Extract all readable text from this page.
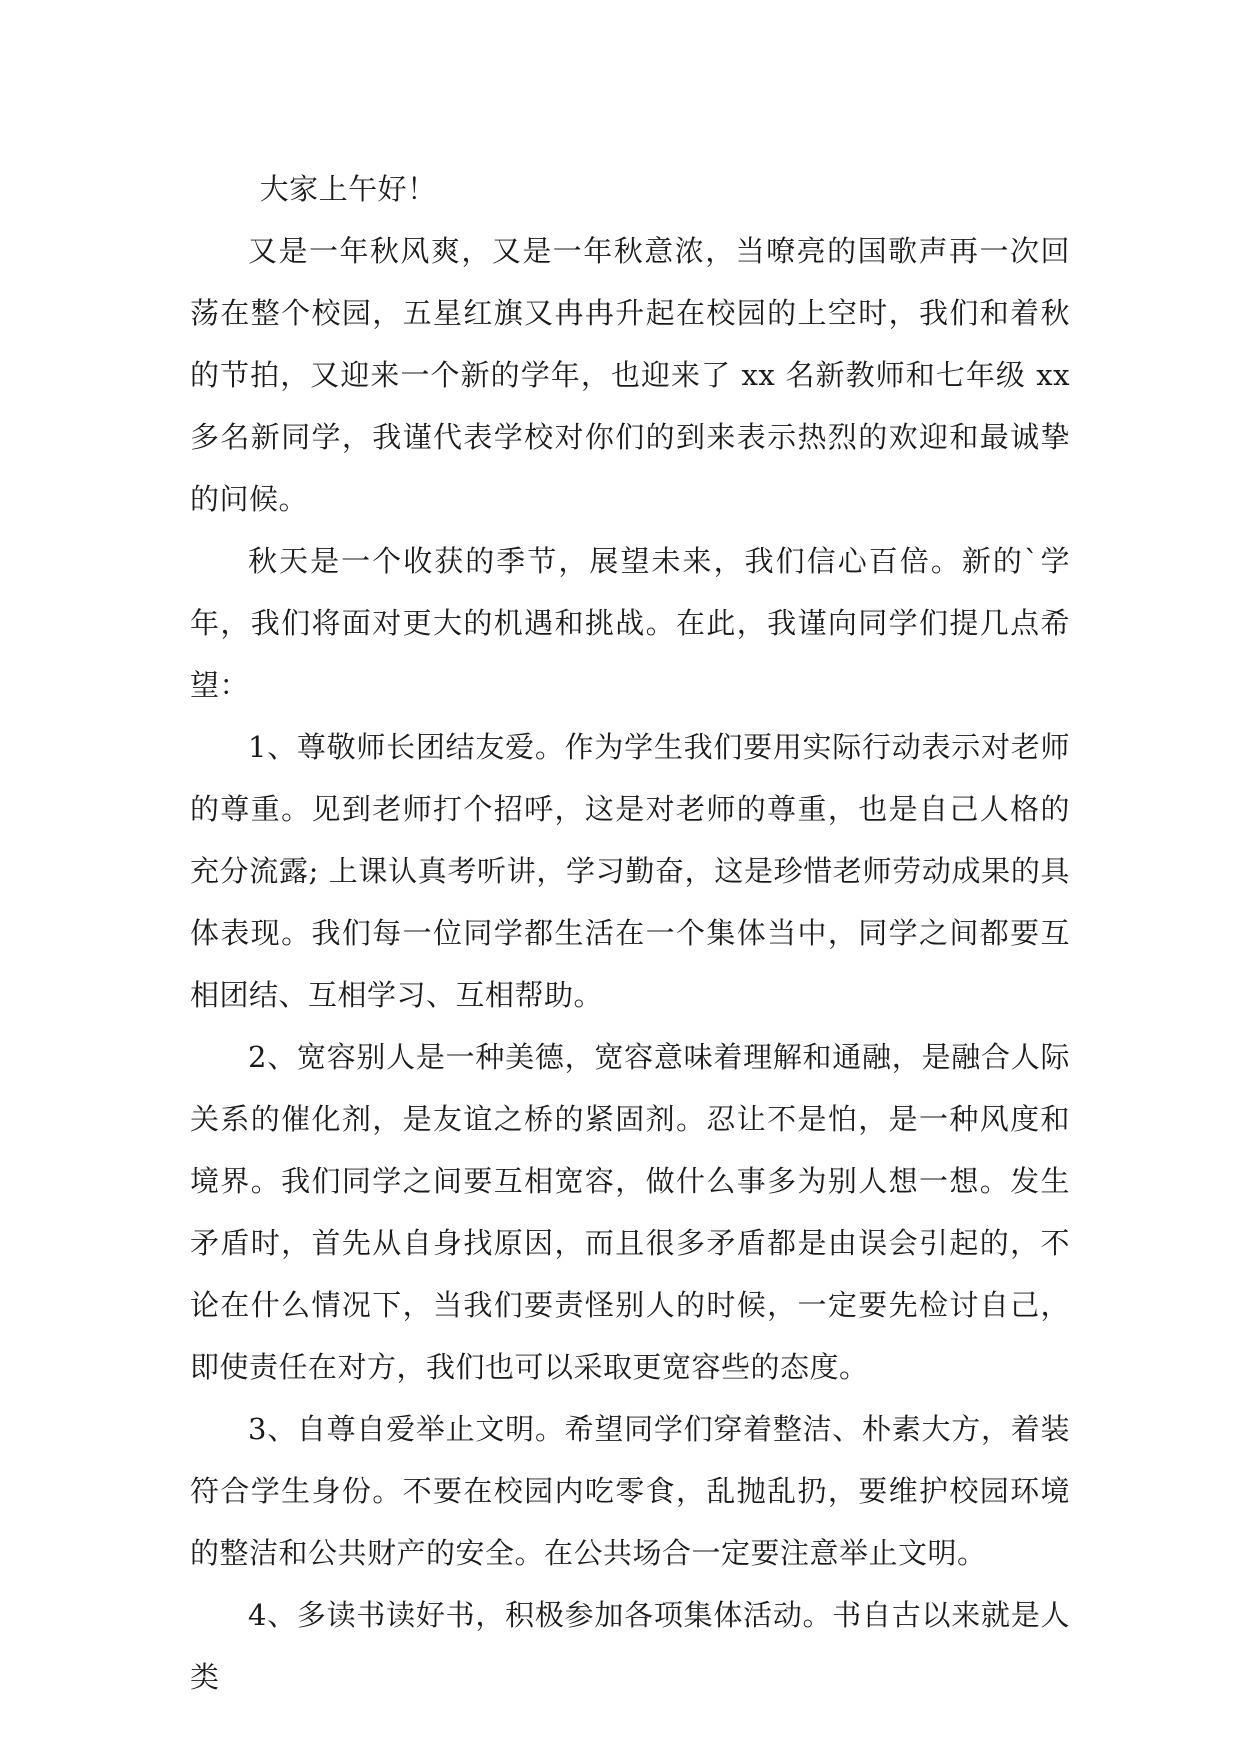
大家上午好！

又是一年秋风爽，又是一年秋意浓，当嘹亮的国歌声再一次回荡在整个校园，五星红旗又冉冉升起在校园的上空时，我们和着秋的节拍，又迎来一个新的学年，也迎来了 xx 名新教师和七年级 xx 多名新同学，我谨代表学校对你们的到来表示热烈的欢迎和最诚挚的问候。

秋天是一个收获的季节，展望未来，我们信心百倍。新的`学年，我们将面对更大的机遇和挑战。在此，我谨向同学们提几点希望：

1、尊敬师长团结友爱。作为学生我们要用实际行动表示对老师的尊重。见到老师打个招呼，这是对老师的尊重，也是自己人格的充分流露; 上课认真考听讲，学习勤奋，这是珍惜老师劳动成果的具体表现。我们每一位同学都生活在一个集体当中，同学之间都要互相团结、互相学习、互相帮助。

2、宽容别人是一种美德，宽容意味着理解和通融，是融合人际关系的催化剂，是友谊之桥的紧固剂。忍让不是怕，是一种风度和境界。我们同学之间要互相宽容，做什么事多为别人想一想。发生矛盾时，首先从自身找原因，而且很多矛盾都是由误会引起的，不论在什么情况下，当我们要责怪别人的时候，一定要先检讨自己，即使责任在对方，我们也可以采取更宽容些的态度。

3、自尊自爱举止文明。希望同学们穿着整洁、朴素大方，着装符合学生身份。不要在校园内吃零食，乱抛乱扔，要维护校园环境的整洁和公共财产的安全。在公共场合一定要注意举止文明。

4、多读书读好书，积极参加各项集体活动。书自古以来就是人类
